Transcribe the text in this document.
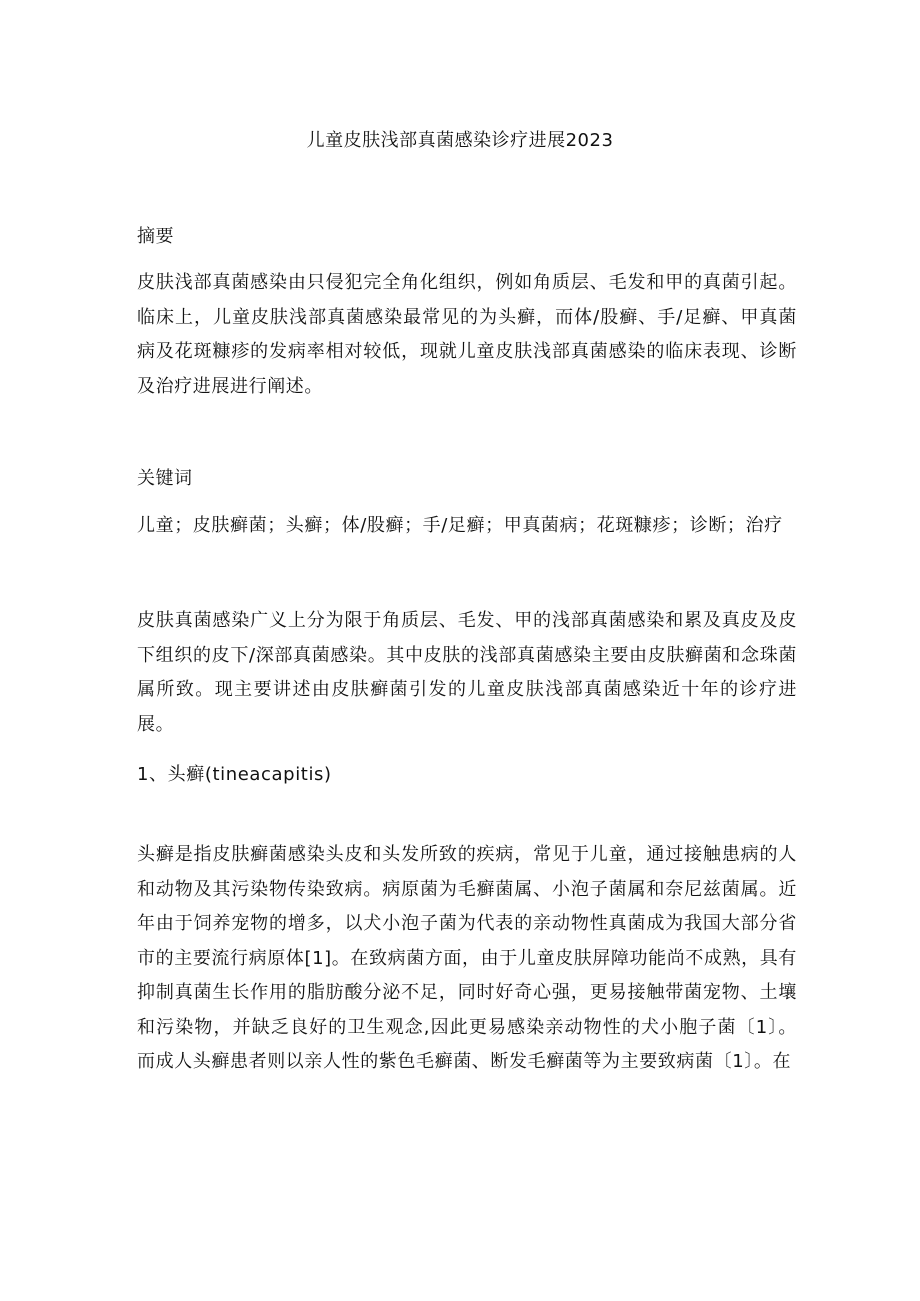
儿童皮肤浅部真菌感染诊疗进展2023
摘要
皮肤浅部真菌感染由只侵犯完全角化组织，例如角质层、毛发和甲的真菌引起。临床上，儿童皮肤浅部真菌感染最常见的为头癣，而体/股癣、手/足癣、甲真菌病及花斑糠疹的发病率相对较低，现就儿童皮肤浅部真菌感染的临床表现、诊断及治疗进展进行阐述。
关键词
儿童；皮肤癣菌；头癣；体/股癣；手/足癣；甲真菌病；花斑糠疹；诊断；治疗
皮肤真菌感染广义上分为限于角质层、毛发、甲的浅部真菌感染和累及真皮及皮下组织的皮下/深部真菌感染。其中皮肤的浅部真菌感染主要由皮肤癣菌和念珠菌属所致。现主要讲述由皮肤癣菌引发的儿童皮肤浅部真菌感染近十年的诊疗进展。
1、头癣(tineacapitis)
头癣是指皮肤癣菌感染头皮和头发所致的疾病，常见于儿童，通过接触患病的人和动物及其污染物传染致病。病原菌为毛癣菌属、小泡子菌属和奈尼兹菌属。近年由于饲养宠物的增多，以犬小泡子菌为代表的亲动物性真菌成为我国大部分省市的主要流行病原体[1]。在致病菌方面，由于儿童皮肤屏障功能尚不成熟，具有抑制真菌生长作用的脂肪酸分泌不足，同时好奇心强，更易接触带菌宠物、土壤和污染物，并缺乏良好的卫生观念,因此更易感染亲动物性的犬小胞子菌〔1〕。而成人头癣患者则以亲人性的紫色毛癣菌、断发毛癣菌等为主要致病菌〔1〕。在
